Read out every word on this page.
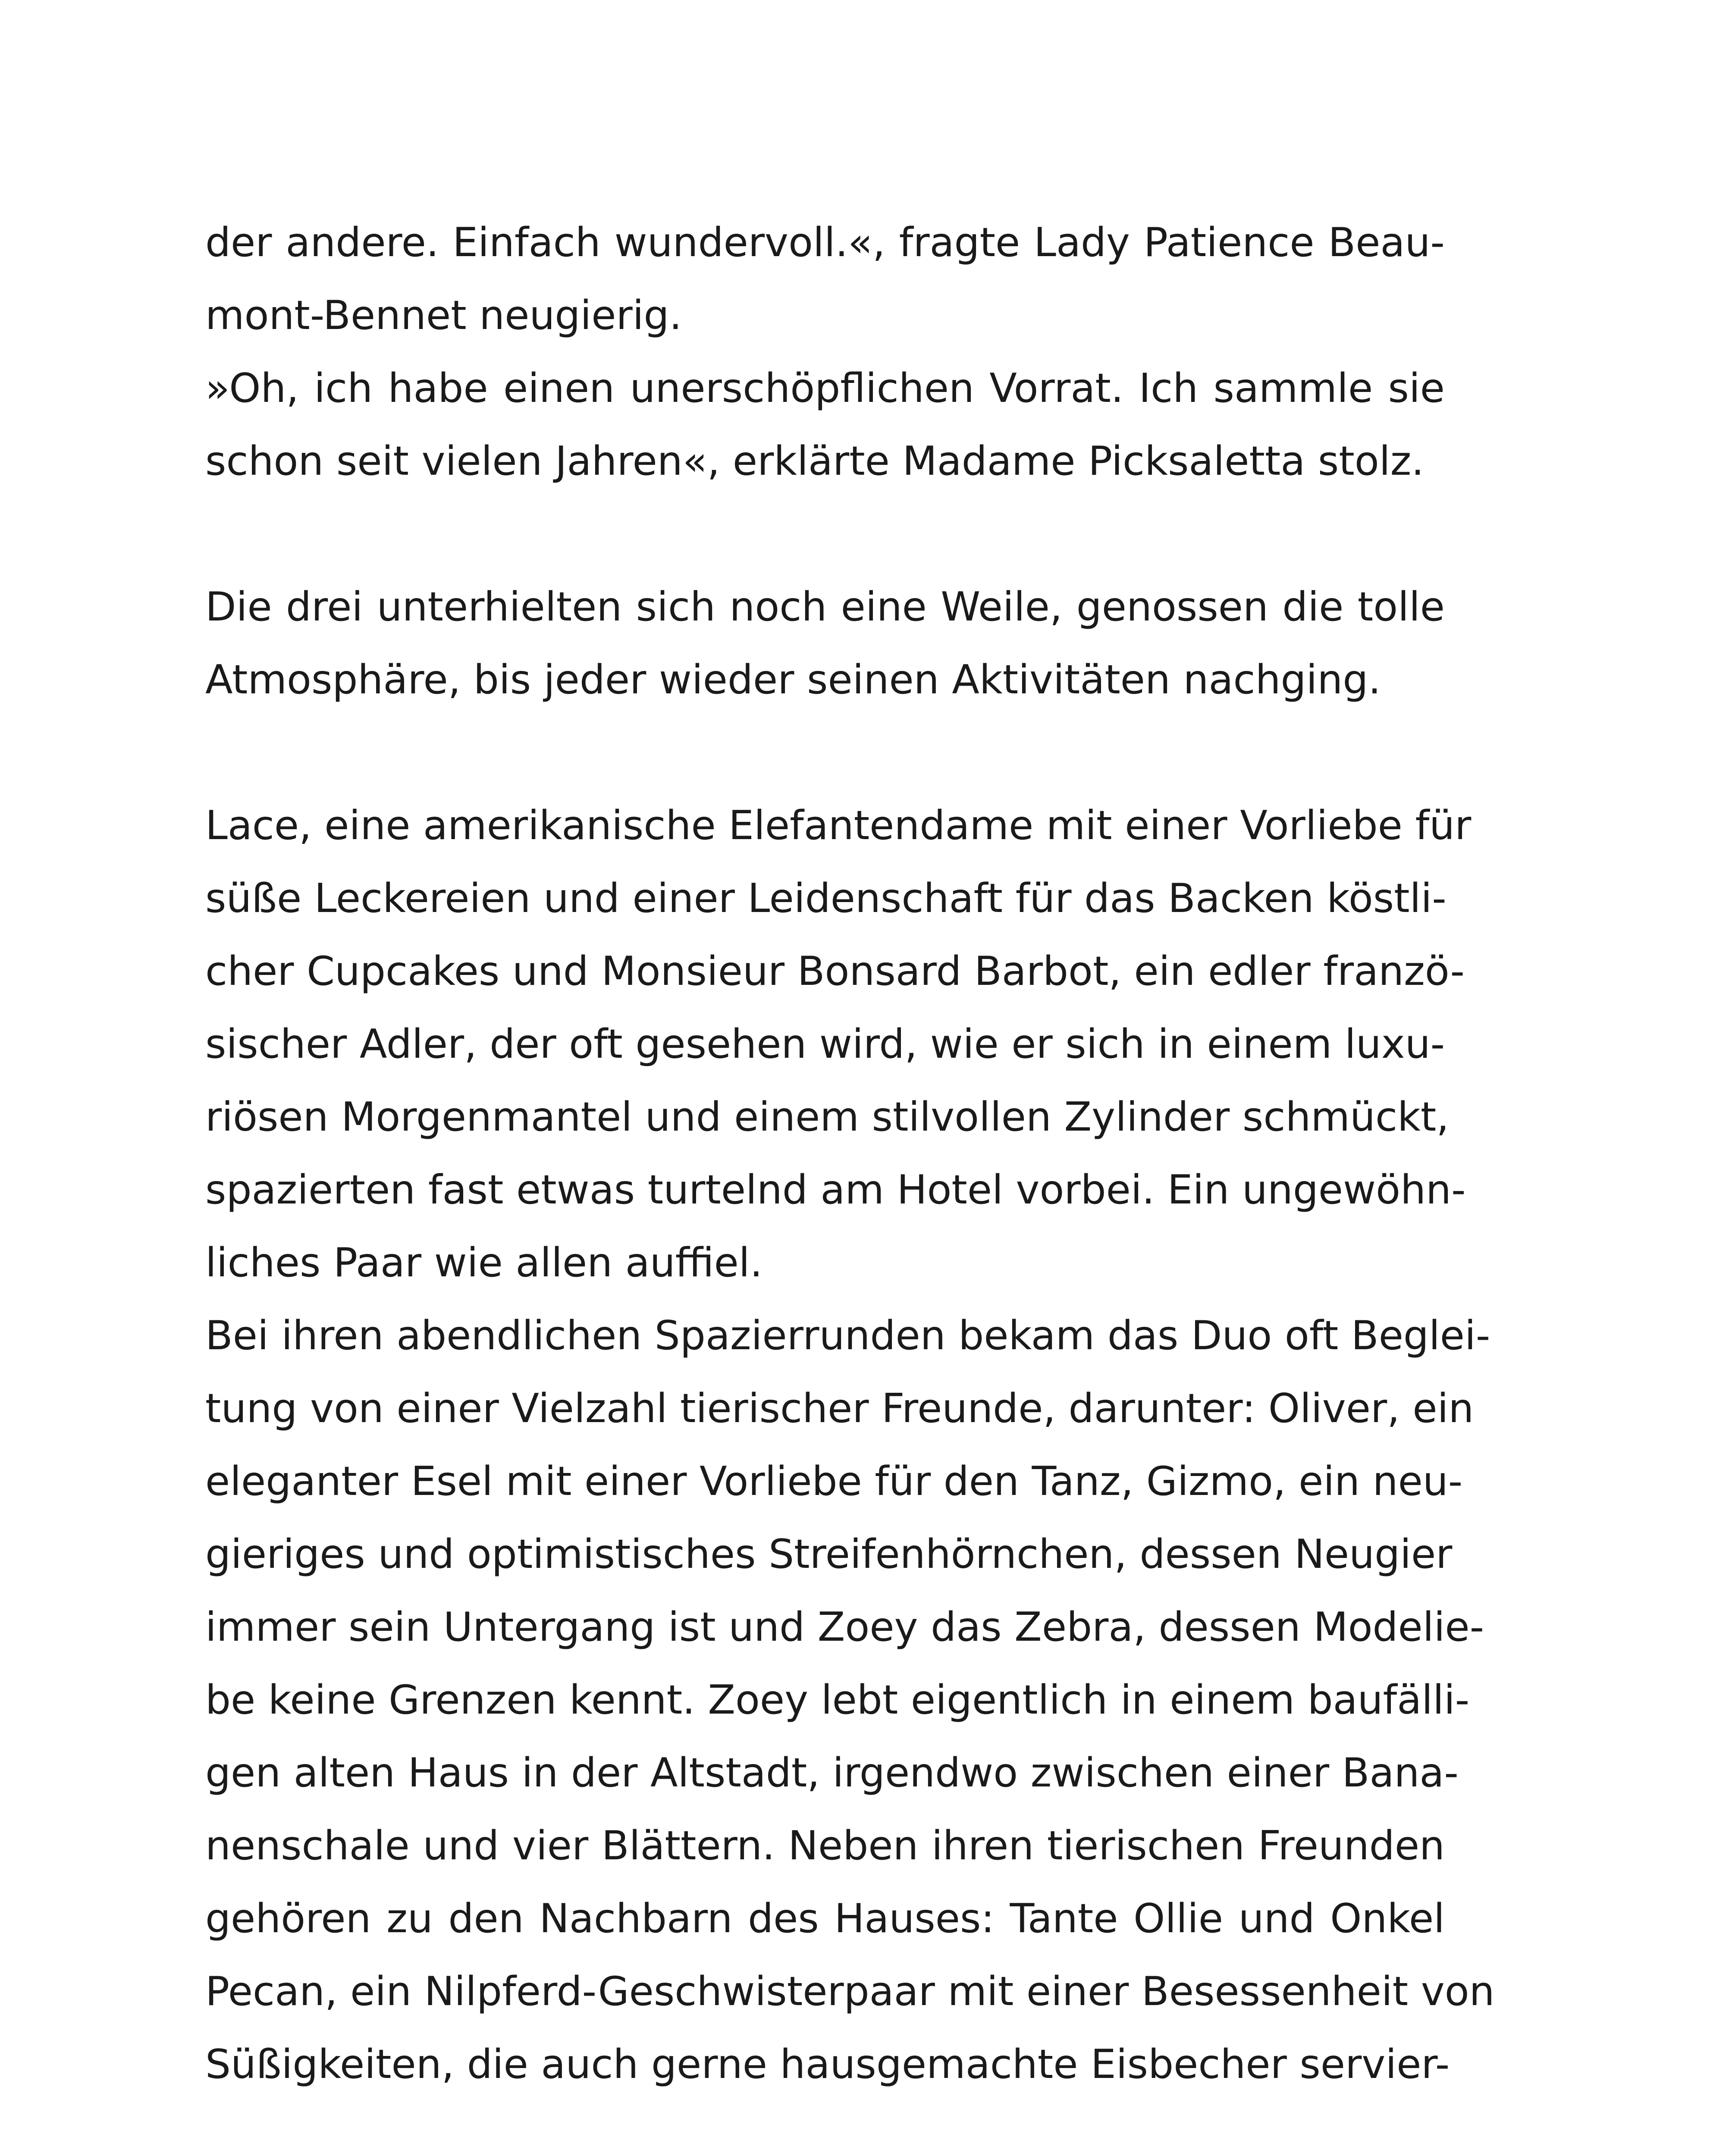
der andere. Einfach wundervoll.«, fragte Lady Patience Beau-
mont-Bennet neugierig.

»Oh, ich habe einen unerschöpflichen Vorrat. Ich sammle sie
schon seit vielen Jahren«, erklärte Madame Picksaletta stolz.

Die drei unterhielten sich noch eine Weile, genossen die tolle
Atmosphäre, bis jeder wieder seinen Aktivitäten nachging.

Lace, eine amerikanische Elefantendame mit einer Vorliebe für
süße Leckereien und einer Leidenschaft für das Backen köstli-
cher Cupcakes und Monsieur Bonsard Barbot, ein edler franzö-
sischer Adler, der oft gesehen wird, wie er sich in einem luxu-
riösen Morgenmantel und einem stilvollen Zylinder schmückt,
spazierten fast etwas turtelnd am Hotel vorbei. Ein ungewöhn-
liches Paar wie allen auffiel.

Bei ihren abendlichen Spazierrunden bekam das Duo oft Beglei-
tung von einer Vielzahl tierischer Freunde, darunter: Oliver, ein
eleganter Esel mit einer Vorliebe für den Tanz, Gizmo, ein neu-
gieriges und optimistisches Streifenhörnchen, dessen Neugier
immer sein Untergang ist und Zoey das Zebra, dessen Modelie-
be keine Grenzen kennt. Zoey lebt eigentlich in einem baufälli-
gen alten Haus in der Altstadt, irgendwo zwischen einer Bana-
nenschale und vier Blättern. Neben ihren tierischen Freunden
gehören zu den Nachbarn des Hauses: Tante Ollie und Onkel
Pecan, ein Nilpferd-Geschwisterpaar mit einer Besessenheit von
Süßigkeiten, die auch gerne hausgemachte Eisbecher servier-
